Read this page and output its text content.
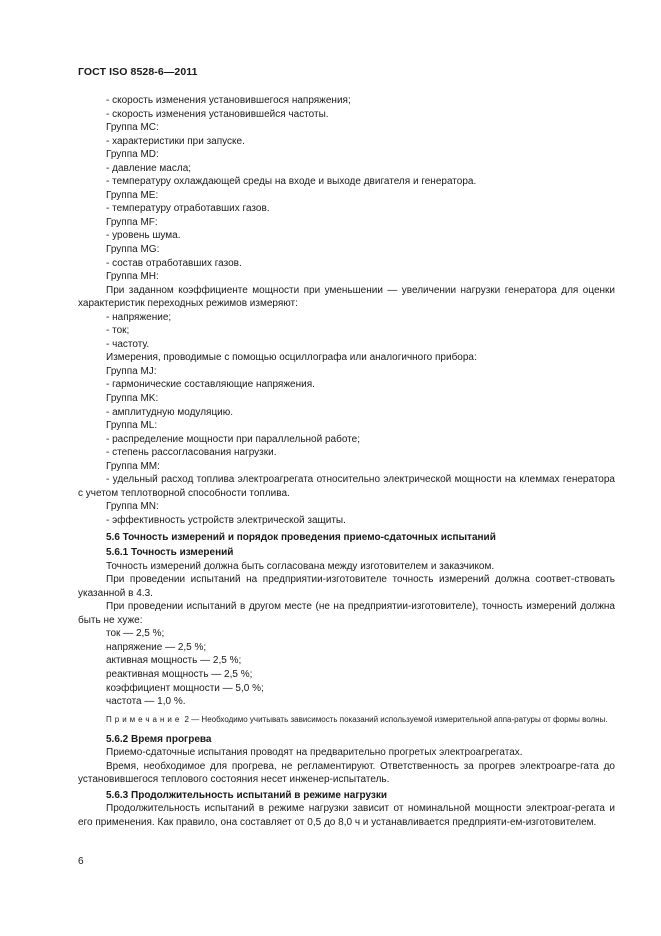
ГОСТ ISO 8528-6—2011

- скорость изменения установившегося напряжения;

- скорость изменения установившейся частоты.

Группа MC:

- характеристики при запуске.

Группа MD:

- давление масла;

- температуру охлаждающей среды на входе и выходе двигателя и генератора.

Группа ME:

- температуру отработавших газов.

Группа MF:

- уровень шума.

Группа MG:

- состав отработавших газов.

Группа MH:

При заданном коэффициенте мощности при уменьшении — увеличении нагрузки генератора для оценки характеристик переходных режимов измеряют:

- напряжение;

- ток;

- частоту.

Измерения, проводимые с помощью осциллографа или аналогичного прибора:

Группа MJ:

- гармонические составляющие напряжения.

Группа MK:

- амплитудную модуляцию.

Группа ML:

- распределение мощности при параллельной работе;

- степень рассогласования нагрузки.

Группа MM:

- удельный расход топлива электроагрегата относительно электрической мощности на клеммах генератора с учетом теплотворной способности топлива.

Группа MN:

- эффективность устройств электрической защиты.

5.6 Точность измерений и порядок проведения приемо-сдаточных испытаний

5.6.1 Точность измерений

Точность измерений должна быть согласована между изготовителем и заказчиком.

При проведении испытаний на предприятии-изготовителе точность измерений должна соответ-ствовать указанной в 4.3.

При проведении испытаний в другом месте (не на предприятии-изготовителе), точность измерений должна быть не хуже:

ток — 2,5 %;

напряжение — 2,5 %;

активная мощность — 2,5 %;

реактивная мощность — 2,5 %;

коэффициент мощности — 5,0 %;

частота — 1,0 %.

Примечание 2 — Необходимо учитывать зависимость показаний используемой измерительной аппа-ратуры от формы волны.

5.6.2 Время прогрева

Приемо-сдаточные испытания проводят на предварительно прогретых электроагрегатах.

Время, необходимое для прогрева, не регламентируют. Ответственность за прогрев электроагре-гата до установившегося теплового состояния несет инженер-испытатель.

5.6.3 Продолжительность испытаний в режиме нагрузки

Продолжительность испытаний в режиме нагрузки зависит от номинальной мощности электроаг-регата и его применения. Как правило, она составляет от 0,5 до 8,0 ч и устанавливается предприяти-ем-изготовителем.

6
